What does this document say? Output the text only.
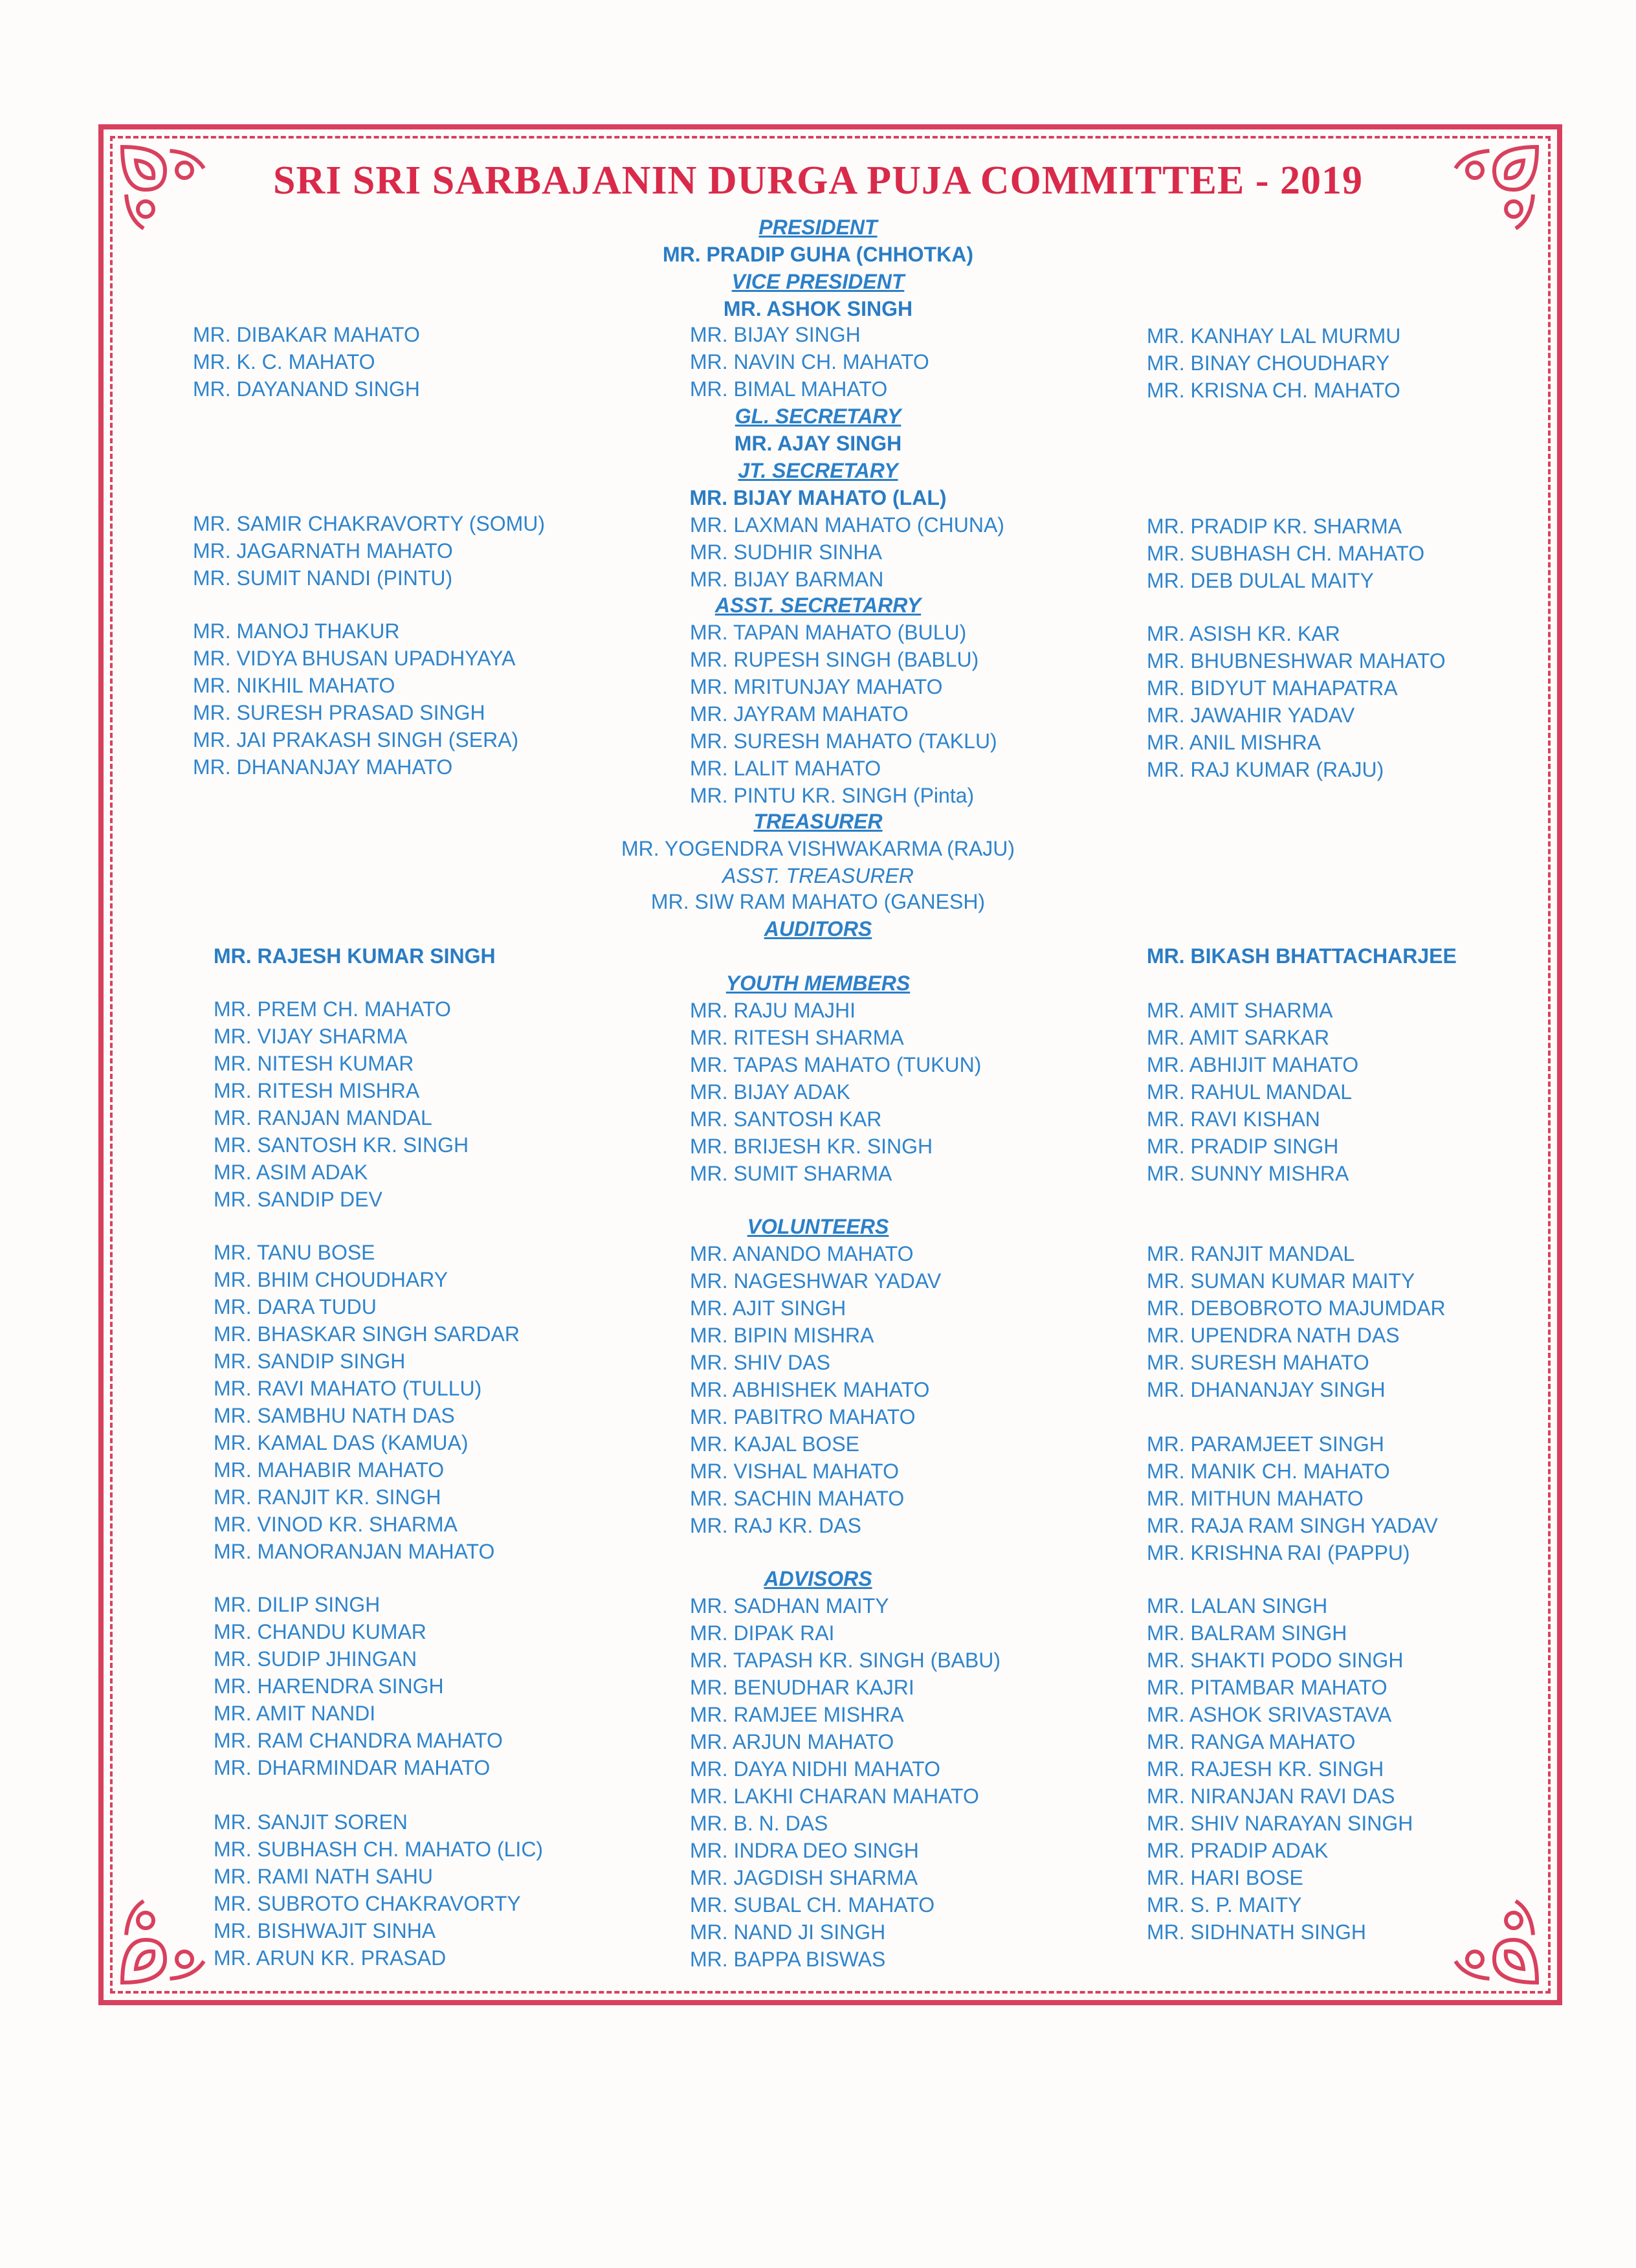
SRI SRI SARBAJANIN DURGA PUJA COMMITTEE - 2019
PRESIDENT
MR. PRADIP GUHA (CHHOTKA)
VICE PRESIDENT
MR. ASHOK SINGH
MR. DIBAKAR MAHATO
MR. K. C. MAHATO
MR. DAYANAND SINGH
MR. BIJAY SINGH
MR. NAVIN CH. MAHATO
MR. BIMAL MAHATO
MR. KANHAY LAL MURMU
MR. BINAY CHOUDHARY
MR. KRISNA CH. MAHATO
GL. SECRETARY
MR. AJAY SINGH
JT. SECRETARY
MR. BIJAY MAHATO (LAL)
MR. SAMIR CHAKRAVORTY (SOMU)
MR. JAGARNATH MAHATO
MR. SUMIT NANDI (PINTU)
MR. LAXMAN MAHATO (CHUNA)
MR. SUDHIR SINHA
MR. BIJAY BARMAN
MR. PRADIP KR. SHARMA
MR. SUBHASH CH. MAHATO
MR. DEB DULAL MAITY
ASST. SECRETARRY
MR. MANOJ THAKUR
MR. VIDYA BHUSAN UPADHYAYA
MR. NIKHIL MAHATO
MR. SURESH PRASAD SINGH
MR. JAI PRAKASH SINGH (SERA)
MR. DHANANJAY MAHATO
MR. TAPAN MAHATO (BULU)
MR. RUPESH SINGH (BABLU)
MR. MRITUNJAY MAHATO
MR. JAYRAM MAHATO
MR. SURESH MAHATO (TAKLU)
MR. LALIT MAHATO
MR. PINTU KR. SINGH (Pinta)
MR. ASISH KR. KAR
MR. BHUBNESHWAR MAHATO
MR. BIDYUT MAHAPATRA
MR. JAWAHIR YADAV
MR. ANIL MISHRA
MR. RAJ KUMAR (RAJU)
TREASURER
MR. YOGENDRA VISHWAKARMA (RAJU)
ASST. TREASURER
MR. SIW RAM MAHATO (GANESH)
AUDITORS
MR. RAJESH KUMAR SINGH	MR. BIKASH BHATTACHARJEE
YOUTH MEMBERS
MR. PREM CH. MAHATO
MR. VIJAY SHARMA
MR. NITESH KUMAR
MR. RITESH MISHRA
MR. RANJAN MANDAL
MR. SANTOSH KR. SINGH
MR. ASIM ADAK
MR. SANDIP DEV
MR. RAJU MAJHI
MR. RITESH SHARMA
MR. TAPAS MAHATO (TUKUN)
MR. BIJAY ADAK
MR. SANTOSH KAR
MR. BRIJESH KR. SINGH
MR. SUMIT SHARMA
MR. AMIT SHARMA
MR. AMIT SARKAR
MR. ABHIJIT MAHATO
MR. RAHUL MANDAL
MR. RAVI KISHAN
MR. PRADIP SINGH
MR. SUNNY MISHRA
VOLUNTEERS
MR. TANU BOSE
MR. BHIM CHOUDHARY
MR. DARA TUDU
MR. BHASKAR SINGH SARDAR
MR. SANDIP SINGH
MR. RAVI MAHATO (TULLU)
MR. SAMBHU NATH DAS
MR. KAMAL DAS (KAMUA)
MR. MAHABIR MAHATO
MR. RANJIT KR. SINGH
MR. VINOD KR. SHARMA
MR. MANORANJAN MAHATO
MR. ANANDO MAHATO
MR. NAGESHWAR YADAV
MR. AJIT SINGH
MR. BIPIN MISHRA
MR. SHIV DAS
MR. ABHISHEK MAHATO
MR. PABITRO MAHATO
MR. KAJAL BOSE
MR. VISHAL MAHATO
MR. SACHIN MAHATO
MR. RAJ KR. DAS
MR. RANJIT MANDAL
MR. SUMAN KUMAR MAITY
MR. DEBOBROTO MAJUMDAR
MR. UPENDRA NATH DAS
MR. SURESH MAHATO
MR. DHANANJAY SINGH
MR. PARAMJEET SINGH
MR. MANIK CH. MAHATO
MR. MITHUN MAHATO
MR. RAJA RAM SINGH YADAV
MR. KRISHNA RAI (PAPPU)
ADVISORS
MR. DILIP SINGH
MR. CHANDU KUMAR
MR. SUDIP JHINGAN
MR. HARENDRA SINGH
MR. AMIT NANDI
MR. RAM CHANDRA MAHATO
MR. DHARMINDAR MAHATO
MR. SANJIT SOREN
MR. SUBHASH CH. MAHATO (LIC)
MR. RAMI NATH SAHU
MR. SUBROTO CHAKRAVORTY
MR. BISHWAJIT SINHA
MR. ARUN KR. PRASAD
MR. SADHAN MAITY
MR. DIPAK RAI
MR. TAPASH KR. SINGH (BABU)
MR. BENUDHAR KAJRI
MR. RAMJEE MISHRA
MR. ARJUN MAHATO
MR. DAYA NIDHI MAHATO
MR. LAKHI CHARAN MAHATO
MR. B. N. DAS
MR. INDRA DEO SINGH
MR. JAGDISH SHARMA
MR. SUBAL CH. MAHATO
MR. NAND JI SINGH
MR. BAPPA BISWAS
MR. LALAN SINGH
MR. BALRAM SINGH
MR. SHAKTI PODO SINGH
MR. PITAMBAR MAHATO
MR. ASHOK SRIVASTAVA
MR. RANGA MAHATO
MR. RAJESH KR. SINGH
MR. NIRANJAN RAVI DAS
MR. SHIV NARAYAN SINGH
MR. PRADIP ADAK
MR. HARI BOSE
MR. S. P. MAITY
MR. SIDHNATH SINGH
